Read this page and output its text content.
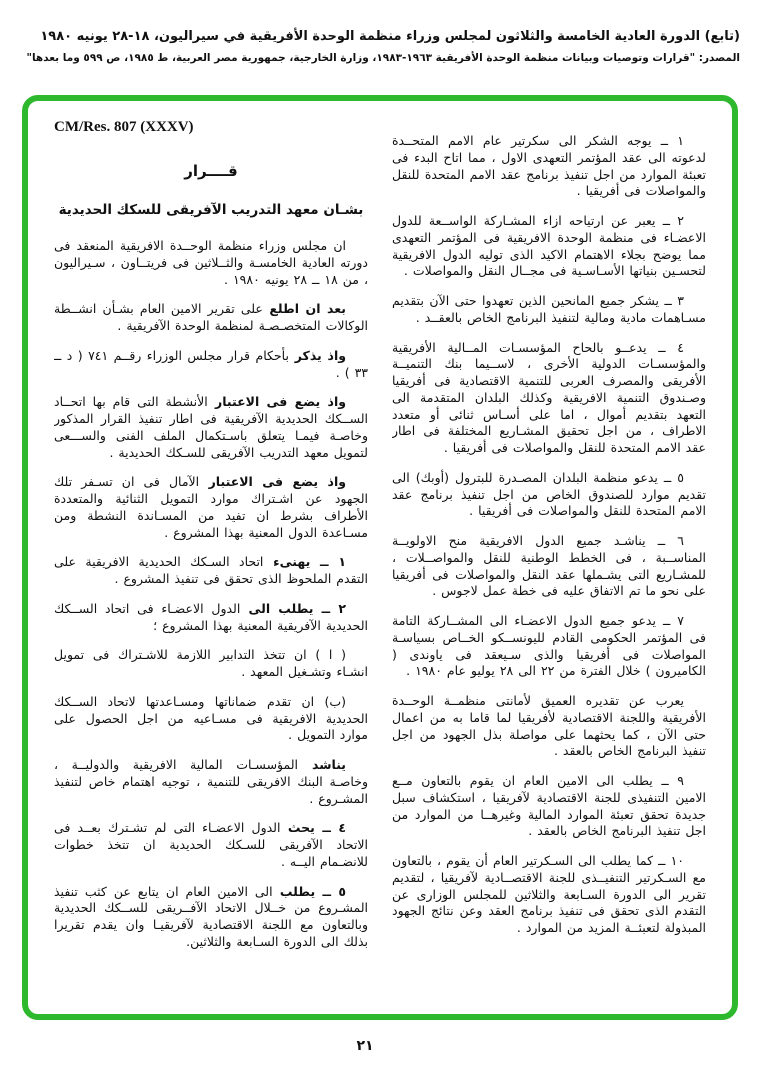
(تابع) الدورة العادية الخامسة والثلاثون لمجلس وزراء منظمة الوحدة الأفريقية في سيراليون، ١٨-٢٨ يونيه ١٩٨٠
المصدر: "قرارات وتوصيات وبيانات منظمة الوحدة الأفريقية ١٩٦٣-١٩٨٣، وزارة الخارجية، جمهورية مصر العربية، ط ١٩٨٥، ص ٥٩٩ وما بعدها"

١ ــ يوجه الشكر الى سكرتير عام الامم المتحــدة لدعوته الى عقد المؤتمر التعهدى الاول ، مما اتاح البدء فى تعبئة الموارد من اجل تنفيذ برنامج عقد الامم المتحدة للنقل والمواصلات فى أفريقيا .

٢ ــ يعبر عن ارتياحه ازاء المشـاركة الواســعة للدول الاعضـاء فى منظمة الوحدة الافريقية فى المؤتمر التعهدى مما يوضح بجلاء الاهتمام الاكيد الذى توليه الدول الافريقية لتحسـين بنياتها الأسـاسـية فى مجــال النقل والمواصلات .

٣ ــ يشكر جميع المانحين الذين تعهدوا حتى الآن بتقديم مسـاهمات مادية ومالية لتنفيذ البرنامج الخاص بالعقــد .

٤ ــ يدعــو بالحاح المؤسسـات المــالية الأفريقية والمؤسسـات الدولية الأخرى ، لاســيما بنك التنميــة الأفريقى والمصرف العربى للتنمية الاقتصادية فى أفريقيا وصـندوق التنمية الافريقية وكذلك البلدان المتقدمة الى التعهد بتقديم أموال ، اما على أسـاس ثنائى أو متعدد الاطراف ، من اجل تحقيق المشـاريع المختلفة فى اطار عقد الامم المتحدة للنقل والمواصلات فى أفريقيا .

٥ ــ يدعو منظمة البلدان المصـدرة للبترول (أوبك) الى تقديم موارد للصندوق الخاص من اجل تنفيذ برنامج عقد الامم المتحدة للنقل والمواصلات فى أفريقيا .

٦ ــ يناشـد جميع الدول الافريقية منح الاولويــة المناســبة ، فى الخطط الوطنية للنقل والمواصــلات ، للمشـاريع التى يشـملها عقد النقل والمواصلات فى أفريقيا على نحو ما تم الاتفاق عليه فى خطة عمل لاجوس .

٧ ــ يدعو جميع الدول الاعضـاء الى المشــاركة التامة فى المؤتمر الحكومى القادم لليونســكو الخــاص بسياسـة المواصلات فى أفريقيا والذى سـيعقد فى ياوندى ( الكاميرون ) خلال الفترة من ٢٢ الى ٢٨ يوليو عام ١٩٨٠ .

يعرب عن تقديره العميق لأمانتى منظمــة الوحــدة الأفريقية واللجنة الاقتصادية لأفريقيا لما قاما به من اعمال حتى الآن ، كما يحثهما على مواصلة بذل الجهود من اجل تنفيذ البرنامج الخاص بالعقد .

٩ ــ يطلب الى الامين العام ان يقوم بالتعاون مــع الامين التنفيذى للجنة الاقتصادية لآفريقيا ، استكشاف سبل جديدة تحقق تعبئة الموارد المالية وغيرهــا من الموارد من اجل تنفيذ البرنامج الخاص بالعقد .

١٠ ــ كما يطلب الى السـكرتير العام أن يقوم ، بالتعاون مع السـكرتير التنفيــذى للجنة الاقتصــادية لآفريقيا ، لتقديم تقرير الى الدورة السـابعة والثلاثين للمجلس الوزارى عن التقدم الذى تحقق فى تنفيذ برنامج العقد وعن نتائج الجهود المبذولة لتعبئــة المزيد من الموارد .

CM/Res. 807 (XXXV)
قــــرار
بشـان معهد التدريب الآفريقى للسكك الحديدية

ان مجلس وزراء منظمة الوحــدة الافريقية المنعقد فى دورته العادية الخامسـة والثــلاثين فى فريتــاون ، سـيراليون ، من ١٨ ــ ٢٨ يونيه ١٩٨٠ .

بعد ان اطلع على تقرير الامين العام بشـأن انشــطة الوكالات المتخصـصـة لمنظمة الوحدة الآفريقية .

واذ يذكر بأحكام قرار مجلس الوزراء رقــم ٧٤١ ( د ــ ٣٣ ) .

واذ يضع فى الاعتبار الأنشطة التى قام بها اتحــاد الســكك الحديدية الآفريقية فى اطار تنفيذ القرار المذكور وخاصـة فيمـا يتعلق باسـتكمال الملف الفنى والســـعى لتمويل معهد التدريب الآفريقى للسـكك الحديدية .

واذ يضع فى الاعتبار الآمال فى ان تسـفر تلك الجهود عن اشـتراك موارد التمويل الثنائية والمتعددة الأطراف بشرط ان تفيد من المسـاندة النشطة ومن مسـاعدة الدول المعنية بهذا المشروع .

١ ــ يهنىء اتحاد السـكك الحديدية الافريقية على التقدم الملحوظ الذى تحقق فى تنفيذ المشروع .

٢ ــ يطلب الى الدول الاعضـاء فى اتحاد الســكك الحديدية الآفريقية المعنية بهذا المشروع ؛

( ا ) ان تتخذ التدابير اللازمة للاشـتراك فى تمويل انشـاء وتشـغيل المعهد .

(ب) ان تقدم ضماناتها ومسـاعدتها لاتحاد الســكك الحديدية الافريقية فى مسـاعيه من اجل الحصول على موارد التمويل .

يناشد المؤسسـات المالية الافريقية والدوليــة ، وخاصـة البنك الافريقى للتنمية ، توجيه اهتمام خاص لتنفيذ المشـروع .

٤ ــ يحث الدول الاعضـاء التى لم تشـترك بعــد فى الاتحاد الآفريقى للسـكك الحديدية ان تتخذ خطوات للانضـمام اليــه .

٥ ــ يطلب الى الامين العام ان يتابع عن كثب تنفيذ المشـروع من خــلال الاتحاد الآفــريقى للســكك الحديدية وبالتعاون مع اللجنة الاقتصادية لآفريقيـا وان يقدم تقريرا بذلك الى الدورة السـابعة والثلاثين.

٢١
